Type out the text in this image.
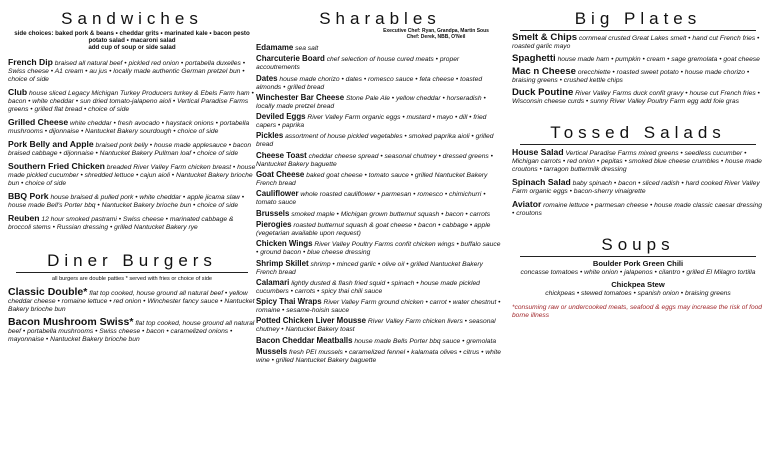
Sandwiches
side choices: baked pork & beans • cheddar grits • marinated kale • bacon pesto potato salad • macaroni salad
add cup of soup or side salad
French Dip braised all natural beef • pickled red onion • portabella duxelles • Swiss cheese • A1 cream • au jus • locally made authentic German pretzel bun • choice of side
Club house sliced Legacy Michigan Turkey Producers turkey & Ebels Farm ham • bacon • white cheddar • sun dried tomato-jalapeno aioli • Vertical Paradise Farms greens • grilled flat bread • choice of side
Grilled Cheese white cheddar • fresh avocado • haystack onions • portabella mushrooms • dijonnaise • Nantucket Bakery sourdough • choice of side
Pork Belly and Apple braised pork belly • house made applesauce • bacon braised cabbage • dijonnaise • Nantucket Bakery Pullman loaf • choice of side
Southern Fried Chicken breaded River Valley Farm chicken breast • house made pickled cucumber • shredded lettuce • cajun aioli • Nantucket Bakery brioche bun • choice of side
BBQ Pork house braised & pulled pork • white cheddar • apple jicama slaw • house made Bell's Porter bbq • Nantucket Bakery brioche bun • choice of side
Reuben 12 hour smoked pastrami • Swiss cheese • marinated cabbage & broccoli stems • Russian dressing • grilled Nantucket Bakery rye
Diner Burgers
all burgers are double patties * served with fries or choice of side
Classic Double* flat top cooked, house ground all natural beef • yellow cheddar cheese • romaine lettuce • red onion • Winchester fancy sauce • Nantucket Bakery brioche bun
Bacon Mushroom Swiss* flat top cooked, house ground all natural beef • portabella mushrooms • Swiss cheese • bacon • caramelized onions • mayonnaise • Nantucket Bakery brioche bun
Sharables
Executive Chef: Ryan, Grandpa, Martin Sous Chef: Derek, NBB, O'Neil
Edamame sea salt
Charcuterie Board chef selection of house cured meats • proper accoutrements
Dates house made chorizo • dates • romesco sauce • feta cheese • toasted almonds • grilled bread
Winchester Bar Cheese Stone Pale Ale • yellow cheddar • horseradish • locally made pretzel bread
Deviled Eggs River Valley Farm organic eggs • mustard • mayo • dill • fried capers • paprika
Pickles assortment of house pickled vegetables • smoked paprika aioli • grilled bread
Cheese Toast cheddar cheese spread • seasonal chutney • dressed greens • Nantucket Bakery baguette
Goat Cheese baked goat cheese • tomato sauce • grilled Nantucket Bakery French bread
Cauliflower whole roasted cauliflower • parmesan • romesco • chimichurri • tomato sauce
Brussels smoked maple • Michigan grown butternut squash • bacon • carrots
Pierogies roasted butternut squash & goat cheese • bacon • cabbage • apple (vegetarian available upon request)
Chicken Wings River Valley Poultry Farms confit chicken wings • buffalo sauce • ground bacon • blue cheese dressing
Shrimp Skillet shrimp • minced garlic • olive oil • grilled Nantucket Bakery French bread
Calamari lightly dusted & flash fried squid • spinach • house made pickled cucumbers • carrots • spicy thai chili sauce
Spicy Thai Wraps River Valley Farm ground chicken • carrot • water chestnut • romaine • sesame-hoisin sauce
Potted Chicken Liver Mousse River Valley Farm chicken livers • seasonal chutney • Nantucket Bakery toast
Bacon Cheddar Meatballs house made Bells Porter bbq sauce • gremolata
Mussels fresh PEI mussels • caramelized fennel • kalamata olives • citrus • white wine • grilled Nantucket Bakery baguette
Big Plates
Smelt & Chips cornmeal crusted Great Lakes smelt • hand cut French fries • roasted garlic mayo
Spaghetti house made ham • pumpkin • cream • sage gremolata • goat cheese
Mac n Cheese orecchiette • roasted sweet potato • house made chorizo • braising greens • crushed kettle chips
Duck Poutine River Valley Farms duck confit gravy • house cut French fries • Wisconsin cheese curds • sunny River Valley Poultry Farm egg add foie gras
Tossed Salads
House Salad Vertical Paradise Farms mixed greens • seedless cucumber • Michigan carrots • red onion • pepitas • smoked blue cheese crumbles • house made croutons • tarragon buttermilk dressing
Spinach Salad baby spinach • bacon • sliced radish • hard cooked River Valley Farm organic eggs • bacon-sherry vinaigrette
Aviator romaine lettuce • parmesan cheese • house made classic caesar dressing • croutons
Soups
Boulder Pork Green Chili
concasse tomatoes • white onion • jalapenos • cilantro • grilled El Milagro tortilla
Chickpea Stew
chickpeas • stewed tomatoes • spanish onion • braising greens
*consuming raw or undercooked meats, seafood & eggs may increase the risk of food borne illness
